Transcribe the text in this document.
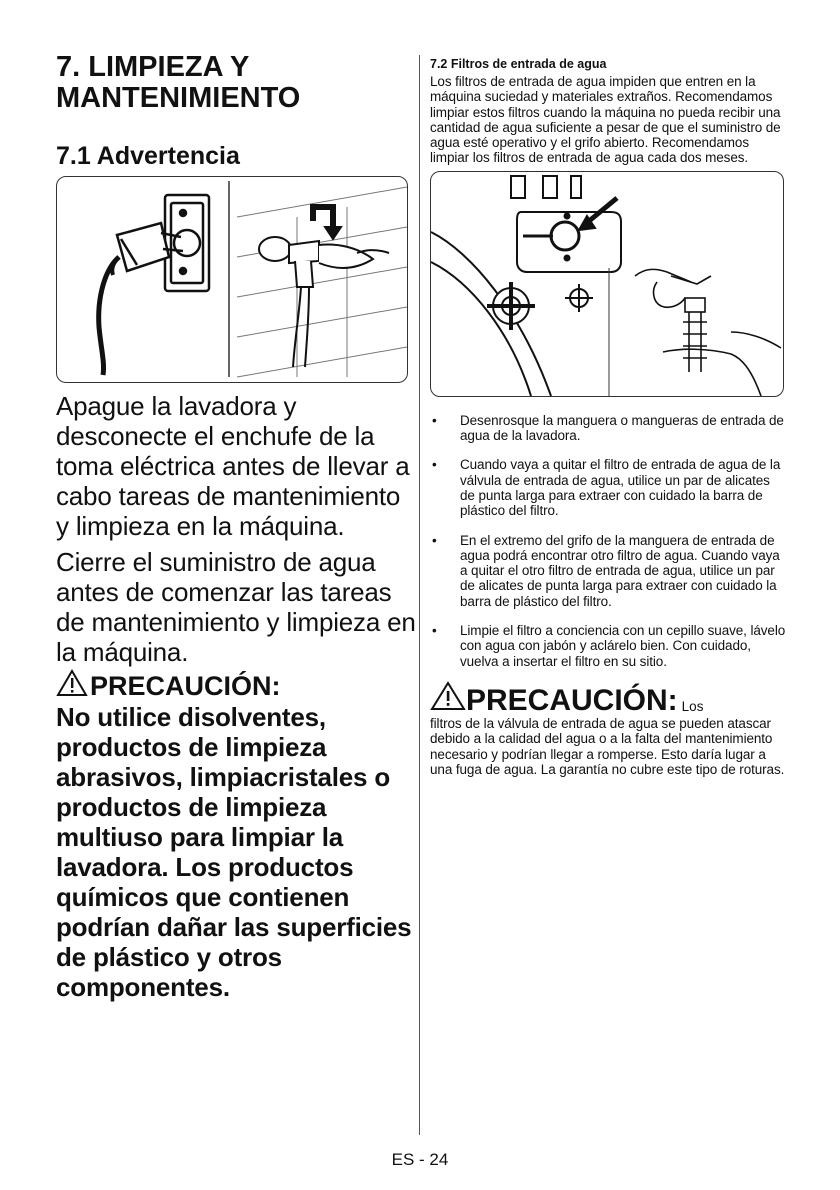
7. LIMPIEZA Y
MANTENIMIENTO
7.1 Advertencia

Apague la lavadora y desconecte el enchufe de la toma eléctrica antes de llevar a cabo tareas de mantenimiento y limpieza en la máquina.

Cierre el suministro de agua antes de comenzar las tareas de mantenimiento y limpieza en la máquina.

PRECAUCIÓN:

No utilice disolventes, productos de limpieza abrasivos, limpiacristales o productos de limpieza multiuso para limpiar la lavadora. Los productos químicos que contienen podrían dañar las superficies de plástico y otros componentes.

7.2 Filtros de entrada de agua

Los filtros de entrada de agua impiden que entren en la máquina suciedad y materiales extraños. Recomendamos limpiar estos filtros cuando la máquina no pueda recibir una cantidad de agua suficiente a pesar de que el suministro de agua esté operativo y el grifo abierto. Recomendamos limpiar los filtros de entrada de agua cada dos meses.

• Desenrosque la manguera o mangueras de entrada de agua de la lavadora.
• Cuando vaya a quitar el filtro de entrada de agua de la válvula de entrada de agua, utilice un par de alicates de punta larga para extraer con cuidado la barra de plástico del filtro.
• En el extremo del grifo de la manguera de entrada de agua podrá encontrar otro filtro de agua. Cuando vaya a quitar el otro filtro de entrada de agua, utilice un par de alicates de punta larga para extraer con cuidado la barra de plástico del filtro.
• Limpie el filtro a conciencia con un cepillo suave, lávelo con agua con jabón y aclárelo bien. Con cuidado, vuelva a insertar el filtro en su sitio.
PRECAUCIÓN: Los

filtros de la válvula de entrada de agua se pueden atascar debido a la calidad del agua o a la falta del mantenimiento necesario y podrían llegar a romperse. Esto daría lugar a una fuga de agua. La garantía no cubre este tipo de roturas.

ES - 24
